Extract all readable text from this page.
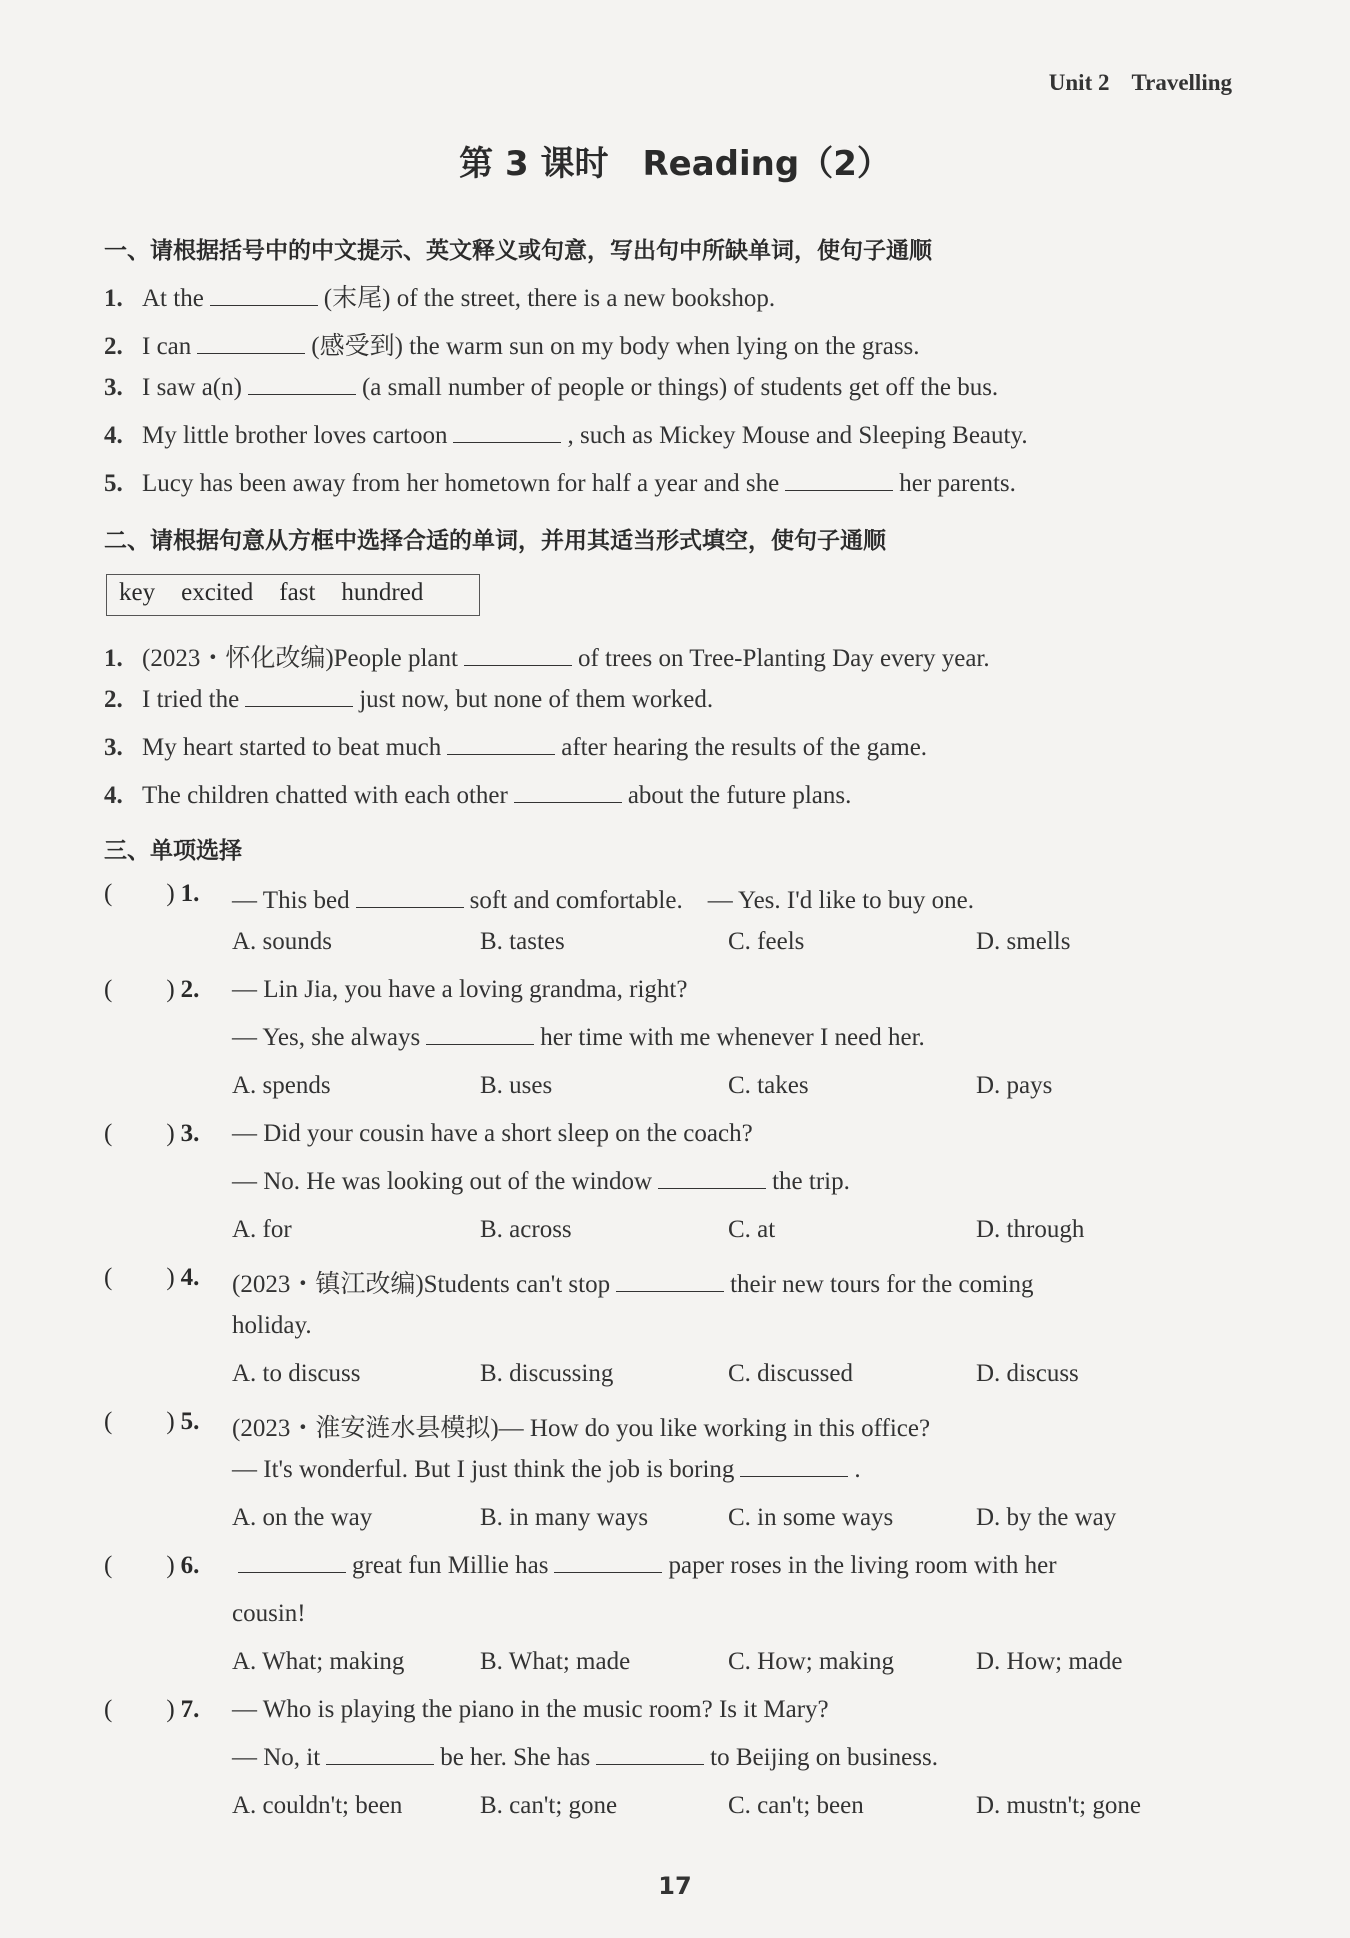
Unit 2 Travelling
第 3 课时　Reading（2）
一、请根据括号中的中文提示、英文释义或句意，写出句中所缺单词，使句子通顺
1. At the	(末尾) of the street, there is a new bookshop.
2. I can	(感受到) the warm sun on my body when lying on the grass.
3. I saw a(n)	(a small number of people or things) of students get off the bus.
4. My little brother loves cartoon	, such as Mickey Mouse and Sleeping Beauty.
5. Lucy has been away from her hometown for half a year and she	her parents.
二、请根据句意从方框中选择合适的单词，并用其适当形式填空，使句子通顺
key excited fast hundred
1. (2023・怀化改编)People plant	of trees on Tree-Planting Day every year.
2. I tried the	just now, but none of them worked.
3. My heart started to beat much	after hearing the results of the game.
4. The children chatted with each other	about the future plans.
三、单项选择
( ) 1. — This bed	soft and comfortable.　— Yes. I'd like to buy one.
A. sounds	B. tastes	C. feels	D. smells
( ) 2. — Lin Jia, you have a loving grandma, right?
— Yes, she always	her time with me whenever I need her.
A. spends	B. uses	C. takes	D. pays
( ) 3. — Did your cousin have a short sleep on the coach?
— No. He was looking out of the window	the trip.
A. for	B. across	C. at	D. through
( ) 4. (2023・镇江改编)Students can't stop	their new tours for the coming
holiday.
A. to discuss	B. discussing	C. discussed	D. discuss
( ) 5. (2023・淮安涟水县模拟)— How do you like working in this office?
— It's wonderful. But I just think the job is boring	.
A. on the way	B. in many ways	C. in some ways	D. by the way
( ) 6.	great fun Millie has	paper roses in the living room with her
cousin!
A. What; making	B. What; made	C. How; making	D. How; made
( ) 7. — Who is playing the piano in the music room? Is it Mary?
— No, it	be her. She has	to Beijing on business.
A. couldn't; been	B. can't; gone	C. can't; been	D. mustn't; gone
17
